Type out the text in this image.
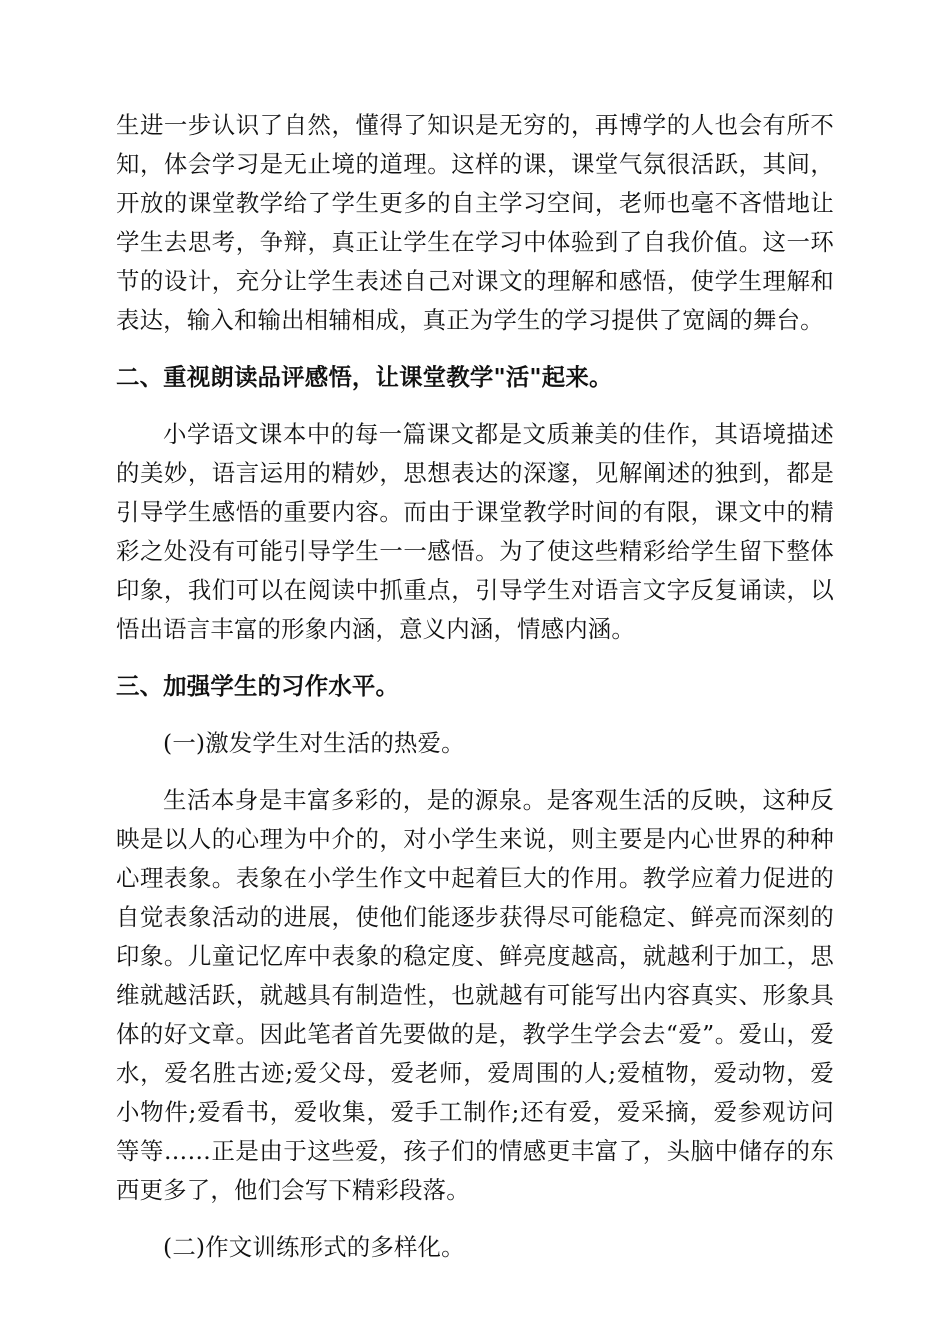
生进一步认识了自然，懂得了知识是无穷的，再博学的人也会有所不知，体会学习是无止境的道理。这样的课，课堂气氛很活跃，其间，开放的课堂教学给了学生更多的自主学习空间，老师也毫不吝惜地让学生去思考，争辩，真正让学生在学习中体验到了自我价值。这一环节的设计，充分让学生表述自己对课文的理解和感悟，使学生理解和表达，输入和输出相辅相成，真正为学生的学习提供了宽阔的舞台。

二、重视朗读品评感悟，让课堂教学"活"起来。

小学语文课本中的每一篇课文都是文质兼美的佳作，其语境描述的美妙，语言运用的精妙，思想表达的深邃，见解阐述的独到，都是引导学生感悟的重要内容。而由于课堂教学时间的有限，课文中的精彩之处没有可能引导学生一一感悟。为了使这些精彩给学生留下整体印象，我们可以在阅读中抓重点，引导学生对语言文字反复诵读，以悟出语言丰富的形象内涵，意义内涵，情感内涵。

三、加强学生的习作水平。

(一)激发学生对生活的热爱。

生活本身是丰富多彩的，是的源泉。是客观生活的反映，这种反映是以人的心理为中介的，对小学生来说，则主要是内心世界的种种心理表象。表象在小学生作文中起着巨大的作用。教学应着力促进的自觉表象活动的进展，使他们能逐步获得尽可能稳定、鲜亮而深刻的印象。儿童记忆库中表象的稳定度、鲜亮度越高，就越利于加工，思维就越活跃，就越具有制造性，也就越有可能写出内容真实、形象具体的好文章。因此笔者首先要做的是，教学生学会去“爱”。爱山，爱水，爱名胜古迹;爱父母，爱老师，爱周围的人;爱植物，爱动物，爱小物件;爱看书，爱收集，爱手工制作;还有爱，爱采摘，爱参观访问等等……正是由于这些爱，孩子们的情感更丰富了，头脑中储存的东西更多了，他们会写下精彩段落。

(二)作文训练形式的多样化。
